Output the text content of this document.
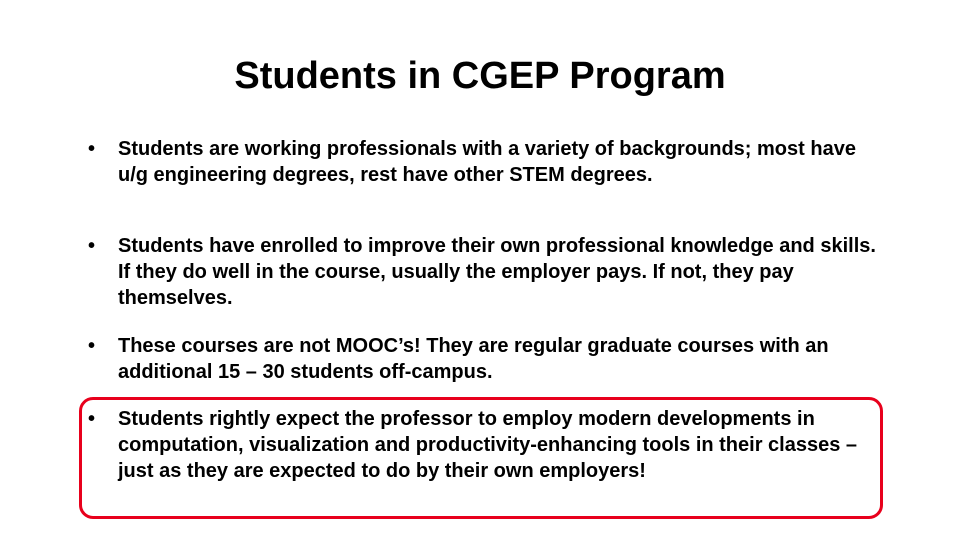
Students in CGEP Program
•	Students are working professionals with a variety of backgrounds; most have u/g engineering degrees, rest have other STEM degrees.
•	Students have enrolled to improve their own professional knowledge and skills. If they do well in the course, usually the employer pays. If not, they pay themselves.
•	These courses are not MOOC’s! They are regular graduate courses with an additional 15 – 30 students off-campus.
•	Students rightly expect the professor to employ modern developments in computation, visualization and productivity-enhancing tools in their classes – just as they are expected to do by their own employers!
